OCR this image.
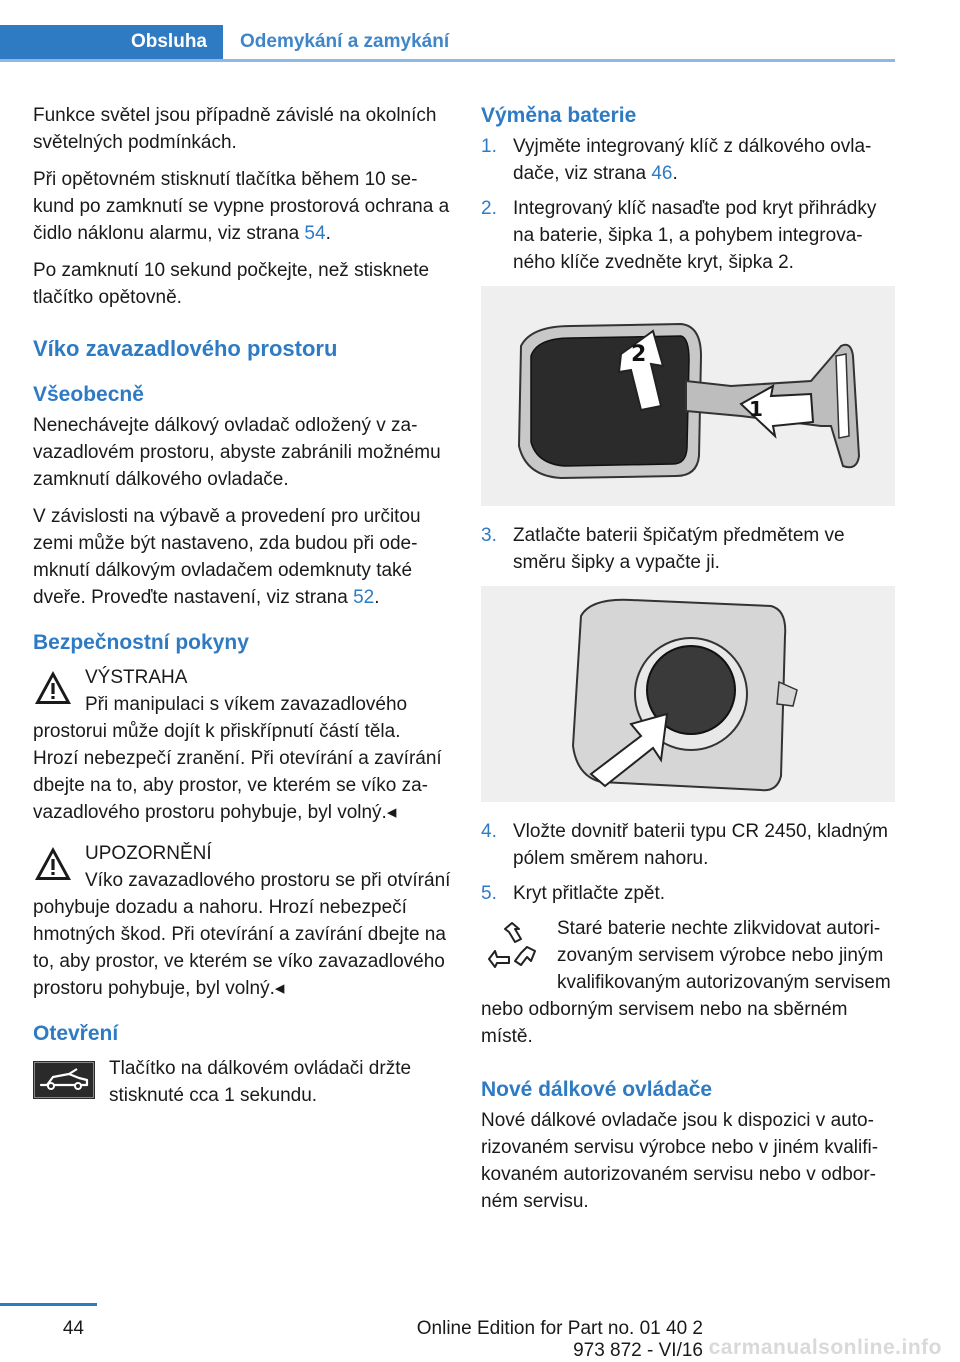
Obsluha	Odemykání a zamykání

Funkce světel jsou případně závislé na okolních světelných podmínkách.

Při opětovném stisknutí tlačítka během 10 sekund po zamknutí se vypne prostorová ochrana a čidlo náklonu alarmu, viz strana 54.

Po zamknutí 10 sekund počkejte, než stisknete tlačítko opětovně.

Víko zavazadlového prostoru
Všeobecně

Nenechávejte dálkový ovladač odložený v zavazadlovém prostoru, abyste zabránili možnému zamknutí dálkového ovladače.

V závislosti na výbavě a provedení pro určitou zemi může být nastaveno, zda budou při odemknutí dálkovým ovladačem odemknuty také dveře. Proveďte nastavení, viz strana 52.

Bezpečnostní pokyny
VÝSTRAHA
Při manipulaci s víkem zavazadlového prostorui může dojít k přiskřípnutí částí těla. Hrozí nebezpečí zranění. Při otevírání a zavírání dbejte na to, aby prostor, ve kterém se víko zavazadlového prostoru pohybuje, byl volný.◂
UPOZORNĚNÍ
Víko zavazadlového prostoru se při otvírání pohybuje dozadu a nahoru. Hrozí nebezpečí hmotných škod. Při otevírání a zavírání dbejte na to, aby prostor, ve kterém se víko zavazadlového prostoru pohybuje, byl volný.◂
Otevření
Tlačítko na dálkovém ovládači držte stisknuté cca 1 sekundu.
Výměna baterie
1. Vyjměte integrovaný klíč z dálkového ovladače, viz strana 46.
2. Integrovaný klíč nasaďte pod kryt přihrádky na baterie, šipka 1, a pohybem integrovaného klíče zvedněte kryt, šipka 2.
2
1
3. Zatlačte baterii špičatým předmětem ve směru šipky a vypačte ji.
4. Vložte dovnitř baterii typu CR 2450, kladným pólem směrem nahoru.
5. Kryt přitlačte zpět.
Staré baterie nechte zlikvidovat autorizovaným servisem výrobce nebo jiným kvalifikovaným autorizovaným servisem nebo odborným servisem nebo na sběrném místě.
Nové dálkové ovládače

Nové dálkové ovladače jsou k dispozici v autorizovaném servisu výrobce nebo v jiném kvalifikovaném autorizovaném servisu nebo v odborném servisu.

44	Online Edition for Part no. 01 40 2 973 872 - VI/16 carmanualsonline.info
